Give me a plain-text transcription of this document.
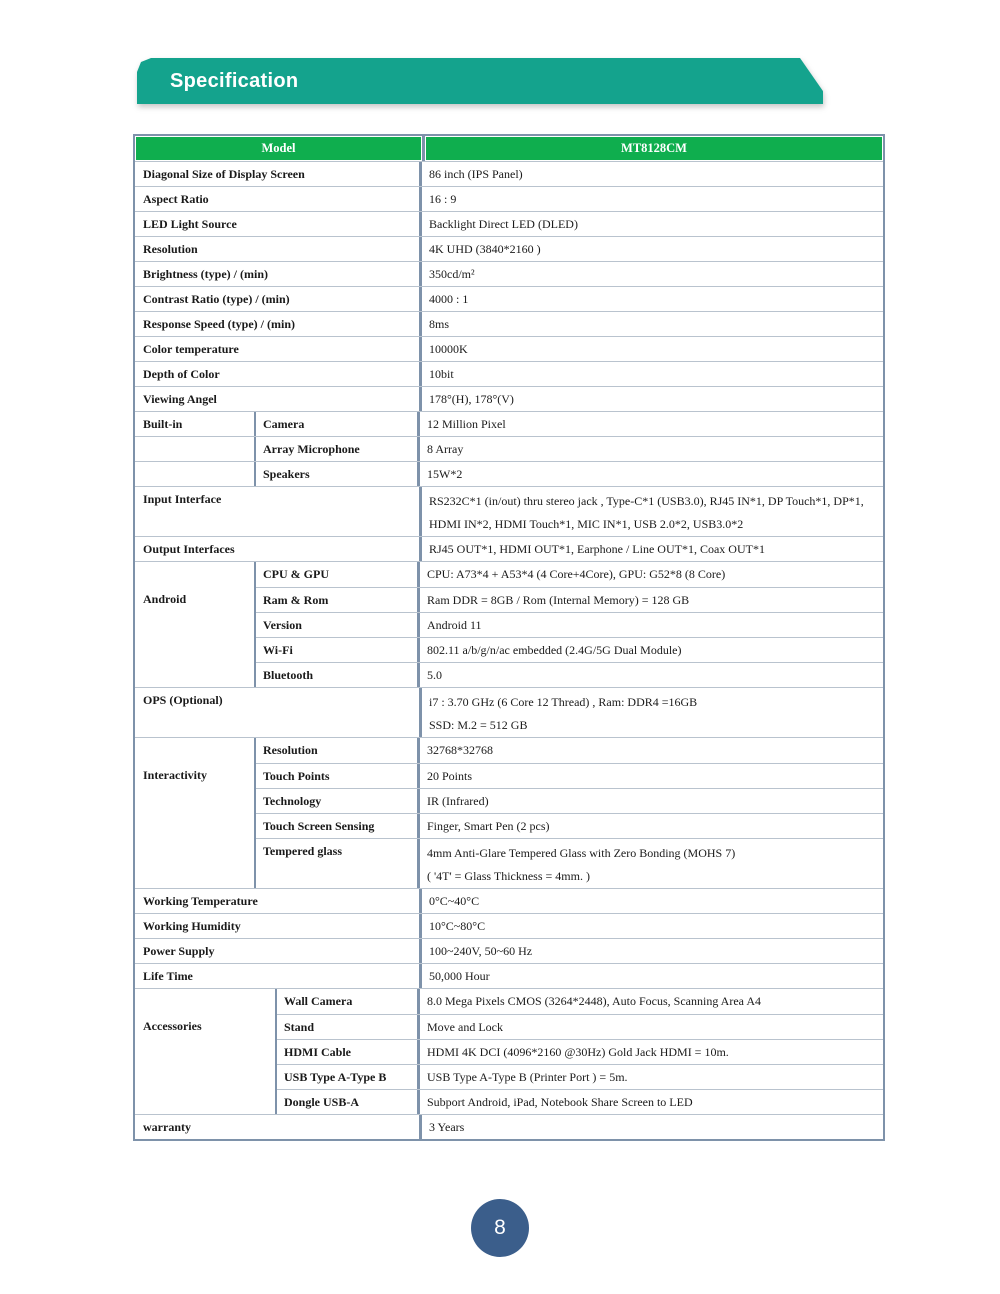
Specification
Model	MT8128CM
Diagonal Size of Display Screen	86 inch (IPS Panel)
Aspect Ratio	16 : 9
LED Light Source	Backlight Direct LED (DLED)
Resolution	4K UHD (3840*2160 )
Brightness (type) / (min)	350cd/m²
Contrast Ratio (type) / (min)	4000 : 1
Response Speed (type) / (min)	8ms
Color temperature	10000K
Depth of Color	10bit
Viewing Angel	178°(H), 178°(V)
Built-in	Camera	12 Million Pixel
Array Microphone	8 Array
Speakers	15W*2
Input Interface	RS232C*1 (in/out) thru stereo jack , Type-C*1 (USB3.0), RJ45 IN*1, DP Touch*1, DP*1,
HDMI IN*2, HDMI Touch*1, MIC IN*1, USB 2.0*2, USB3.0*2
Output Interfaces	RJ45 OUT*1, HDMI OUT*1, Earphone / Line OUT*1, Coax OUT*1
Android
CPU & GPU	CPU: A73*4 + A53*4 (4 Core+4Core), GPU: G52*8 (8 Core)
Ram & Rom	Ram DDR = 8GB / Rom (Internal Memory) = 128 GB
Version	Android 11
Wi-Fi	802.11 a/b/g/n/ac embedded (2.4G/5G Dual Module)
Bluetooth	5.0
OPS (Optional)	i7 : 3.70 GHz (6 Core 12 Thread) , Ram: DDR4 =16GB
SSD: M.2 = 512 GB
Interactivity
Resolution	32768*32768
Touch Points	20 Points
Technology	IR (Infrared)
Touch Screen Sensing	Finger, Smart Pen (2 pcs)
Tempered glass	4mm Anti-Glare Tempered Glass with Zero Bonding (MOHS 7)
( '4T' = Glass Thickness = 4mm. )
Working Temperature	0°C~40°C
Working Humidity	10°C~80°C
Power Supply	100~240V, 50~60 Hz
Life Time	50,000 Hour
Accessories
Wall Camera	8.0 Mega Pixels CMOS (3264*2448), Auto Focus, Scanning Area A4
Stand	Move and Lock
HDMI Cable	HDMI 4K DCI (4096*2160 @30Hz) Gold Jack HDMI = 10m.
USB Type A-Type B	USB Type A-Type B (Printer Port ) = 5m.
Dongle USB-A	Subport Android, iPad, Notebook Share Screen to LED
warranty	3 Years
8
